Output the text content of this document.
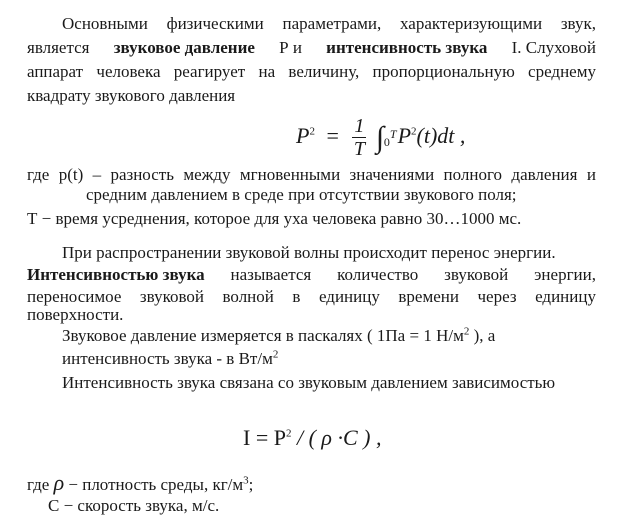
Основными физическими параметрами, характеризующими звук,
является звуковое давление Р и интенсивность звука I. Слуховой
аппарат человека реагирует на величину, пропорциональную среднему
квадрату звукового давления
$P^2 = \frac{1}{T}$ ∫ T
0 $P^2(t)dt$ ,
где p(t) – разность между мгновенными значениями полного давления и
средним давлением в среде при отсутствии звукового поля;
Т − время усреднения, которое для уха человека равно 30…1000 мс.
При распространении звуковой волны происходит перенос энергии.
Интенсивностью звука называется количество звуковой энергии,
переносимое звуковой волной в единицу времени через единицу
поверхности.
Звуковое давление измеряется в паскалях ( 1Па = 1 $Н/м^2$ ), а
интенсивность звука - в $Вт/м^2$
Интенсивность звука связана со звуковым давлением зависимостью
$I = P^2$ / ( ρ ·C ) ,
где ρ − плотность среды, $кг/м^3$;
С − скорость звука, м/с.
